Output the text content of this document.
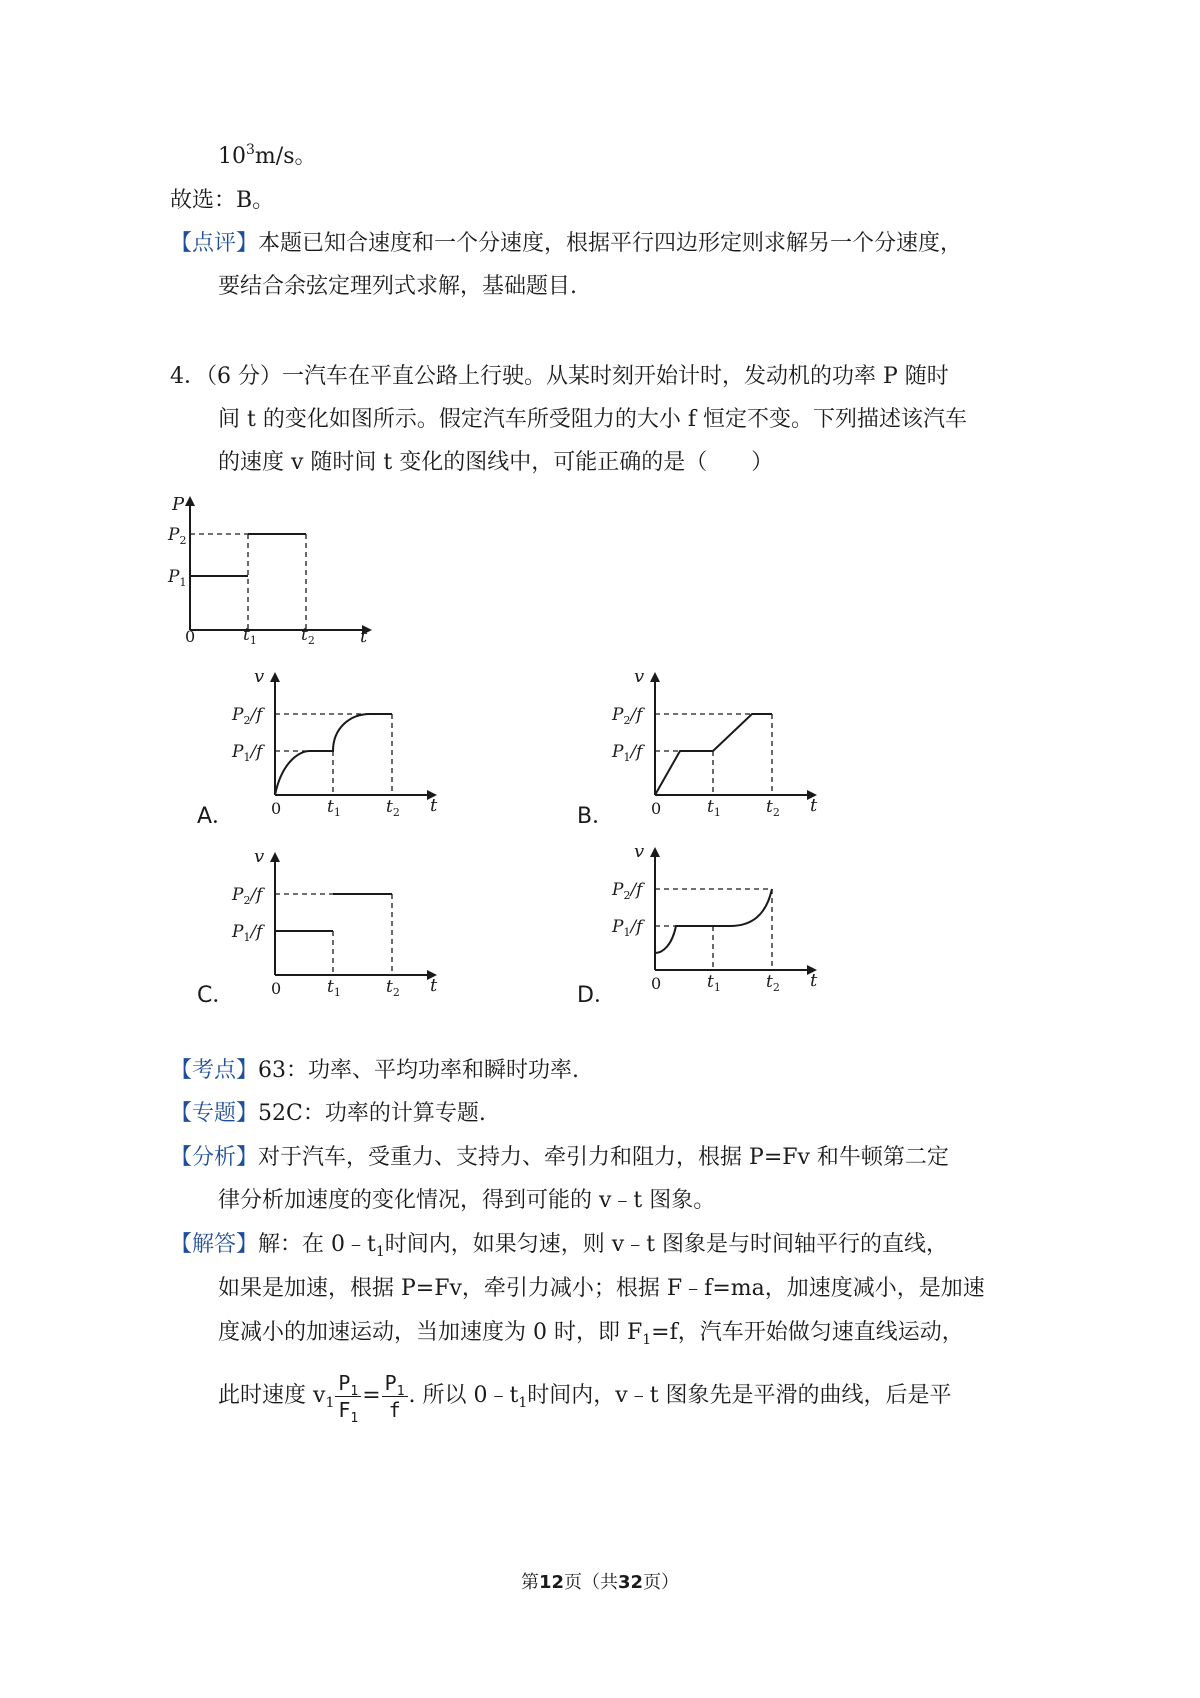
$10^3m/s$。
故选：B。
【点评】本题已知合速度和一个分速度，根据平行四边形定则求解另一个分速度，
要结合余弦定理列式求解，基础题目.
4．（6 分）一汽车在平直公路上行驶。从某时刻开始计时，发动机的功率 P 随时
间 t 的变化如图所示。假定汽车所受阻力的大小 f 恒定不变。下列描述该汽车
的速度 v 随时间 t 变化的图线中，可能正确的是（　　）
P
t
0
$P_2$
$P_1$
$t_1$	$t_2$
v
t
0
$P_2/f$
$P_1/f$
$t_1$	$t_2$
v
t
0
$P_2/f$
$P_1/f$
$t_1$	$t_2$
v
t
0
$P_2/f$
$P_1/f$
$t_1$	$t_2$
v
t
0
$P_2/f$
$P_1/f$
$t_1$	$t_2$
A．	B．
C．	D．
【考点】63：功率、平均功率和瞬时功率.
【专题】52C：功率的计算专题.
【分析】对于汽车，受重力、支持力、牵引力和阻力，根据 P=Fv 和牛顿第二定
律分析加速度的变化情况，得到可能的 v﹣t 图象。
【解答】解：在 $0﹣t_1$时间内，如果匀速，则 v﹣t 图象是与时间轴平行的直线，
如果是加速，根据 P=Fv，牵引力减小；根据 F﹣f=ma，加速度减小，是加速
度减小的加速运动，当加速度为 0 时，即 $F_1=f$，汽车开始做匀速直线运动，
此时速度 $v_1 \frac{P_1}{F_1} = \frac{P_1}{f}$ . 所以 $0﹣t_1$时间内，v﹣t 图象先是平滑的曲线，后是平
第12页（共32页）
